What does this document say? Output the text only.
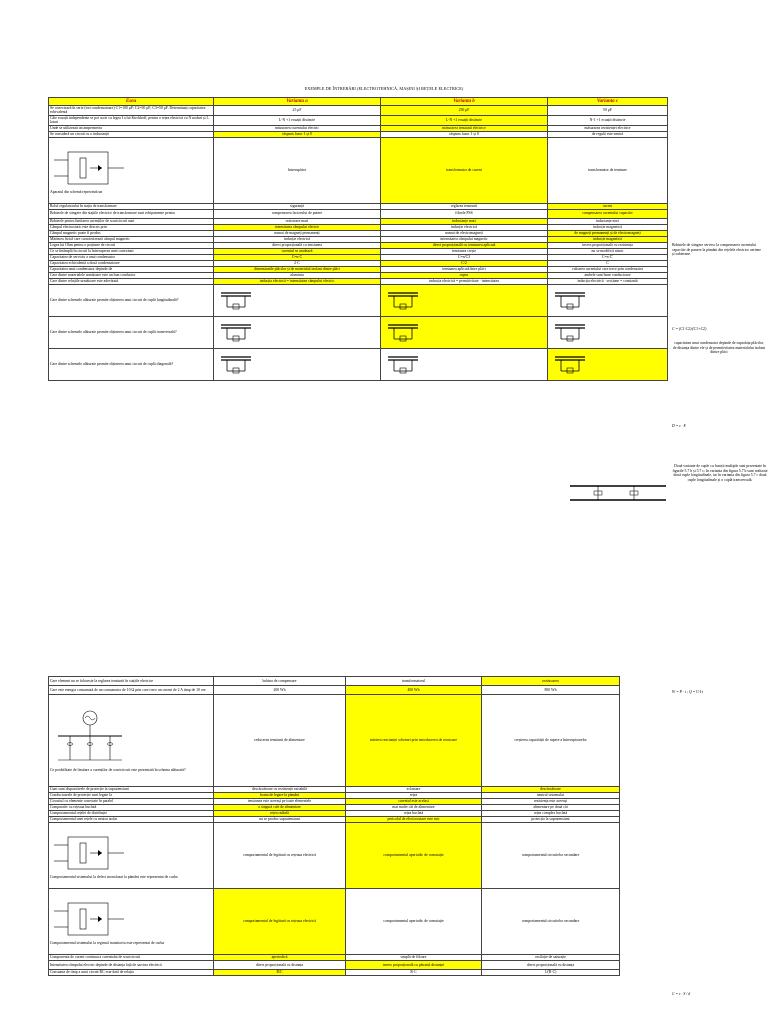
EXEMPLE DE ÎNTREBĂRI (ELECTROTEHNICĂ, MAȘINI ȘI REȚELE ELECTRICE)
Eseu	Varianta a	Varianta b	Varianta c

Se conectează în serie (trei condensatoare) C1=100 μF; C2=50 μF; C3=50 μF. Determinați capacitatea echivalentă	25 μF	250 μF	50 μF

Câte ecuații independente se pot scrie cu legea I a lui Kirchhoff, pentru o rețea electrică cu N noduri și L laturi	L-N +1 ecuații distincte	L-N +1 ecuații distincte	N-1 +1 ecuații distincte

Unde se utilizează un ampermetru	măsurarea curentului electric	măsurarea tensiunii electrice	măsurarea rezistenței electrice

Se consideră un circuit cu o inductanță	răspuns fazor 1 și 0	răspuns fazor 1 și 0	de regulă este neutră

Aparatul din schemă reprezintă un	întrerupător	transformator de curent	transformator de tensiune

Rolul regulatorului în stația de transformare	siguranță	reglarea tensiunii	curent

Bobinele de stingere din stațiile electrice de transformare sunt echipamente pentru	compensarea factorului de putere	filtrele PSS	compensarea curentului capacitiv

Bobinele pentru limitarea curenților de scurtcircuit sunt	rezistoare mari	inductanțe mari	inductanțe mici

Câmpul electrostatic este descris prin	intensitatea câmpului electric	inducție electrică	inducție magnetică

Câmpul magnetic poate fi produs	numai de magneți permanenți	numai de electromagneți	de magneți permanenți și de electromagneți

Mărimea fizică care caracterizează câmpul magnetic	inducție electrică	intensitatea câmpului magnetic	inducție magnetică

Legea lui Ohm pentru o porțiune de circuit	direct proporțională cu tensiunea	direct proporțională cu tensiunea aplicată	invers proporțională cu rezistența

Ce se întâmplă în circuit la întreruperea unei conexiuni	curentul se anulează	tensiunea crește	nu se modifică nimic

Capacitatea de serviciu a unui condensator	C=n·C	C=n/C3	C=n·C'

Capacitatea echivalentă a două condensatoare	2·C	C/2	C

Capacitatea unui condensator depinde de	dimensiunile plăcilor și de materialul izolant dintre plăci	tensiunea aplicată între plăci	valoarea curentului care trece prin condensator

Care dintre materialele următoare este un bun conductor	aluminiu	cupru	ambele sunt bune conductoare

Care dintre relațiile următoare este adevărată	inducția electrică = intensitatea câmpului electric	inducția electrică = permitivitate · intensitatea	inducția electrică · secțiune = constantă

Care dintre schemele alăturate permite obținerea unui circuit de cuplă longitudinală?

Care dintre schemele alăturate permite obținerea unui circuit de cuplă transversală?

Care dintre schemele alăturate permite obținerea unui circuit de cuplă diagonală?

Care element nu se folosește la reglarea tensiunii în stațiile electrice	bobina de compensare	transformatorul	rezistoarea

Care este energia consumată de un consumator de 10 Ω prin care trece un curent de 2 A timp de 10 ore	200 Wh	400 Wh	800 Wh

Ce posibilitate de limitare a curenților de scurtcircuit este prezentată în schema alăturată?	reducerea tensiunii de alimentare	mărirea reactanței schemei prin introducerea de reactoare	creșterea capacității de rupere a întreruptoarelor

Cum sunt dispozitivele de protecție la supratensiuni	descărcătoare cu rezistență variabilă	eclatoare	descărcătoare

Conductoarele de protecție sunt legate la	borna de legare la pământ	rețea	neutrul sistemului

Circuitul cu elemente conectate în paralel	tensiunea este aceeași pe toate elementele	curentul este același	rezistența este aceeași

Comparativ cu rețeaua buclată	o singură cale de alimentare	mai multe căi de alimentare	alimentare pe două căi

Comportamentul rețelei de distribuție	rețea radială	rețea buclată	rețea complex buclată

Comportamentul unei rețele cu neutru izolat	nu se produc supratensiuni	pericolul de electrocutare este mic	protecția la supratensiuni

Comportamentul sistemului la defect monofazat la pământ este reprezentat de curba	comportamentul de legătură cu rețeaua electrică	comportamentul aperiodic de comutație	comportamentul circuitelor secundare

Comportamentul sistemului la regimul tranzitoriu este reprezentat de curba	comportamentul de legătură cu rețeaua electrică	comportamentul aperiodic de comutație	comportamentul circuitelor secundare

Componenta de curent continuu a curentului de scurtcircuit	aperiodică	simplă de filtrare	oscilație de saturație

Intensitatea câmpului electric depinde de distanța față de sarcina electrică	direct proporțională cu distanța	invers proporțională cu pătratul distanței	direct proporțională cu distanța

Constanta de timp a unui circuit RC este dată de relația	R/C	R·C	1/(R·C)
Bobinele de stingere servesc la compensarea curentului capacitiv de punere la pământ din rețelele electrice aeriene și subterane.
capacitatea unui condensator depinde de suprafața plăcilor, de distanța dintre ele și de permitivitatea materialului izolant dintre plăci
D = ε · E
Două variante de cuple cu funcții multiple sunt prezentate în figurile 5.7 b și 5.7 c; în varianta din figura 5.7 b sunt realizate două cuple longitudinale, iar în varianta din figura 5.7 c două cuple longitudinale și o cuplă transversală.
C = (C1·C2)/(C1+C2)
W = P · t ; Q = U·I·t
C = ε · S / d
